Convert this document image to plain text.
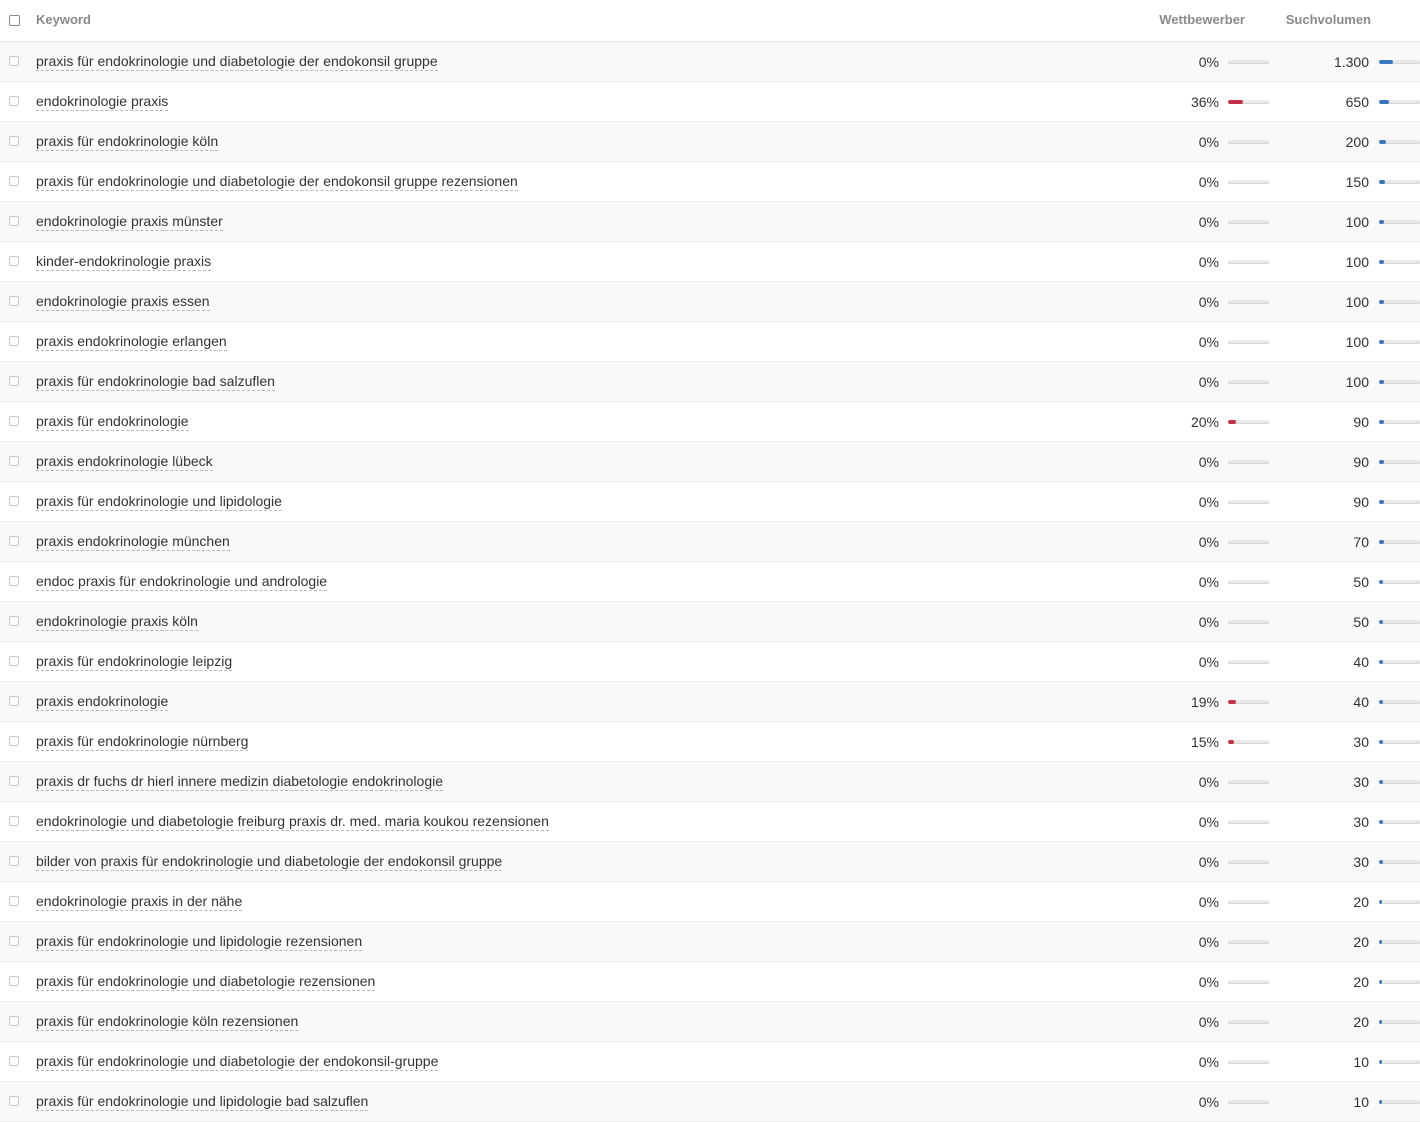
Keyword	Wettbewerber	Suchvolumen
praxis für endokrinologie und diabetologie der endokonsil gruppe	0%	1.300
endokrinologie praxis	36%	650
praxis für endokrinologie köln	0%	200
praxis für endokrinologie und diabetologie der endokonsil gruppe rezensionen	0%	150
endokrinologie praxis münster	0%	100
kinder-endokrinologie praxis	0%	100
endokrinologie praxis essen	0%	100
praxis endokrinologie erlangen	0%	100
praxis für endokrinologie bad salzuflen	0%	100
praxis für endokrinologie	20%	90
praxis endokrinologie lübeck	0%	90
praxis für endokrinologie und lipidologie	0%	90
praxis endokrinologie münchen	0%	70
endoc praxis für endokrinologie und andrologie	0%	50
endokrinologie praxis köln	0%	50
praxis für endokrinologie leipzig	0%	40
praxis endokrinologie	19%	40
praxis für endokrinologie nürnberg	15%	30
praxis dr fuchs dr hierl innere medizin diabetologie endokrinologie	0%	30
endokrinologie und diabetologie freiburg praxis dr. med. maria koukou rezensionen	0%	30
bilder von praxis für endokrinologie und diabetologie der endokonsil gruppe	0%	30
endokrinologie praxis in der nähe	0%	20
praxis für endokrinologie und lipidologie rezensionen	0%	20
praxis für endokrinologie und diabetologie rezensionen	0%	20
praxis für endokrinologie köln rezensionen	0%	20
praxis für endokrinologie und diabetologie der endokonsil-gruppe	0%	10
praxis für endokrinologie und lipidologie bad salzuflen	0%	10
